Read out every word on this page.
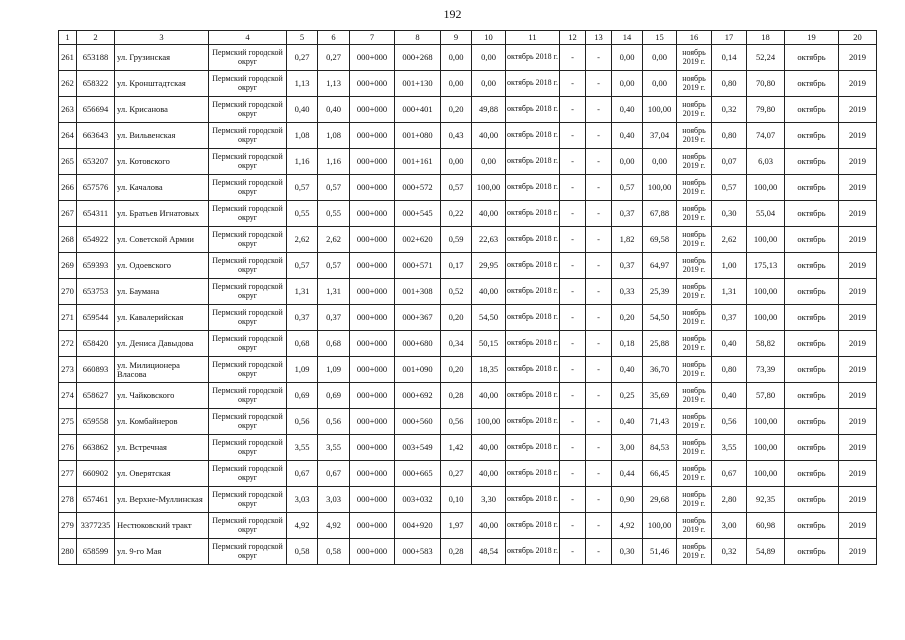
192
1	2	3	4	5	6	7	8	9	10	11	12	13	14	15	16	17	18	19	20
261	653188	ул. Грузинская	Пермский городской округ	0,27	0,27	000+000	000+268	0,00	0,00	октябрь 2018 г.	-	-	0,00	0,00	ноябрь 2019 г.	0,14	52,24	октябрь	2019
262	658322	ул. Кронштадтская	Пермский городской округ	1,13	1,13	000+000	001+130	0,00	0,00	октябрь 2018 г.	-	-	0,00	0,00	ноябрь 2019 г.	0,80	70,80	октябрь	2019
263	656694	ул. Крисанова	Пермский городской округ	0,40	0,40	000+000	000+401	0,20	49,88	октябрь 2018 г.	-	-	0,40	100,00	ноябрь 2019 г.	0,32	79,80	октябрь	2019
264	663643	ул. Вильвенская	Пермский городской округ	1,08	1,08	000+000	001+080	0,43	40,00	октябрь 2018 г.	-	-	0,40	37,04	ноябрь 2019 г.	0,80	74,07	октябрь	2019
265	653207	ул. Котовского	Пермский городской округ	1,16	1,16	000+000	001+161	0,00	0,00	октябрь 2018 г.	-	-	0,00	0,00	ноябрь 2019 г.	0,07	6,03	октябрь	2019
266	657576	ул. Качалова	Пермский городской округ	0,57	0,57	000+000	000+572	0,57	100,00	октябрь 2018 г.	-	-	0,57	100,00	ноябрь 2019 г.	0,57	100,00	октябрь	2019
267	654311	ул. Братьев Игнатовых	Пермский городской округ	0,55	0,55	000+000	000+545	0,22	40,00	октябрь 2018 г.	-	-	0,37	67,88	ноябрь 2019 г.	0,30	55,04	октябрь	2019
268	654922	ул. Советской Армии	Пермский городской округ	2,62	2,62	000+000	002+620	0,59	22,63	октябрь 2018 г.	-	-	1,82	69,58	ноябрь 2019 г.	2,62	100,00	октябрь	2019
269	659393	ул. Одоевского	Пермский городской округ	0,57	0,57	000+000	000+571	0,17	29,95	октябрь 2018 г.	-	-	0,37	64,97	ноябрь 2019 г.	1,00	175,13	октябрь	2019
270	653753	ул. Баумана	Пермский городской округ	1,31	1,31	000+000	001+308	0,52	40,00	октябрь 2018 г.	-	-	0,33	25,39	ноябрь 2019 г.	1,31	100,00	октябрь	2019
271	659544	ул. Кавалерийская	Пермский городской округ	0,37	0,37	000+000	000+367	0,20	54,50	октябрь 2018 г.	-	-	0,20	54,50	ноябрь 2019 г.	0,37	100,00	октябрь	2019
272	658420	ул. Дениса Давыдова	Пермский городской округ	0,68	0,68	000+000	000+680	0,34	50,15	октябрь 2018 г.	-	-	0,18	25,88	ноябрь 2019 г.	0,40	58,82	октябрь	2019
273	660893	ул. Милиционера Власова	Пермский городской округ	1,09	1,09	000+000	001+090	0,20	18,35	октябрь 2018 г.	-	-	0,40	36,70	ноябрь 2019 г.	0,80	73,39	октябрь	2019
274	658627	ул. Чайковского	Пермский городской округ	0,69	0,69	000+000	000+692	0,28	40,00	октябрь 2018 г.	-	-	0,25	35,69	ноябрь 2019 г.	0,40	57,80	октябрь	2019
275	659558	ул. Комбайнеров	Пермский городской округ	0,56	0,56	000+000	000+560	0,56	100,00	октябрь 2018 г.	-	-	0,40	71,43	ноябрь 2019 г.	0,56	100,00	октябрь	2019
276	663862	ул. Встречная	Пермский городской округ	3,55	3,55	000+000	003+549	1,42	40,00	октябрь 2018 г.	-	-	3,00	84,53	ноябрь 2019 г.	3,55	100,00	октябрь	2019
277	660902	ул. Оверятская	Пермский городской округ	0,67	0,67	000+000	000+665	0,27	40,00	октябрь 2018 г.	-	-	0,44	66,45	ноябрь 2019 г.	0,67	100,00	октябрь	2019
278	657461	ул. Верхне-Муллинская	Пермский городской округ	3,03	3,03	000+000	003+032	0,10	3,30	октябрь 2018 г.	-	-	0,90	29,68	ноябрь 2019 г.	2,80	92,35	октябрь	2019
279	3377235	Нестюковский тракт	Пермский городской округ	4,92	4,92	000+000	004+920	1,97	40,00	октябрь 2018 г.	-	-	4,92	100,00	ноябрь 2019 г.	3,00	60,98	октябрь	2019
280	658599	ул. 9-го Мая	Пермский городской округ	0,58	0,58	000+000	000+583	0,28	48,54	октябрь 2018 г.	-	-	0,30	51,46	ноябрь 2019 г.	0,32	54,89	октябрь	2019
